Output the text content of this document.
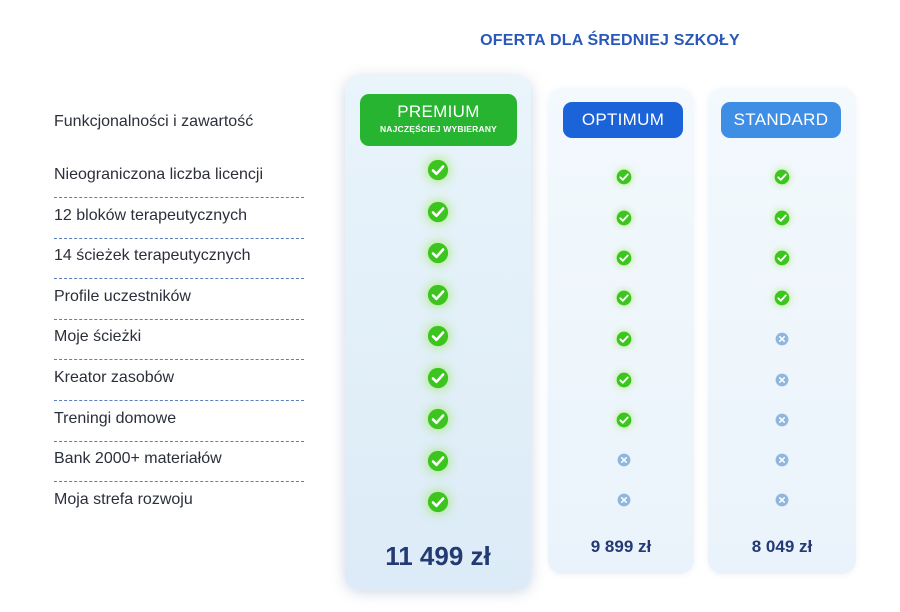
OFERTA DLA ŚREDNIEJ SZKOŁY
Funkcjonalności i zawartość
Nieograniczona liczba licencji
12 bloków terapeutycznych
14 ścieżek terapeutycznych
Profile uczestników
Moje ścieżki
Kreator zasobów
Treningi domowe
Bank 2000+ materiałów
Moja strefa rozwoju
PREMIUM
NAJCZĘŚCIEJ WYBIERANY
11 499 zł
OPTIMUM
9 899 zł
STANDARD
8 049 zł
